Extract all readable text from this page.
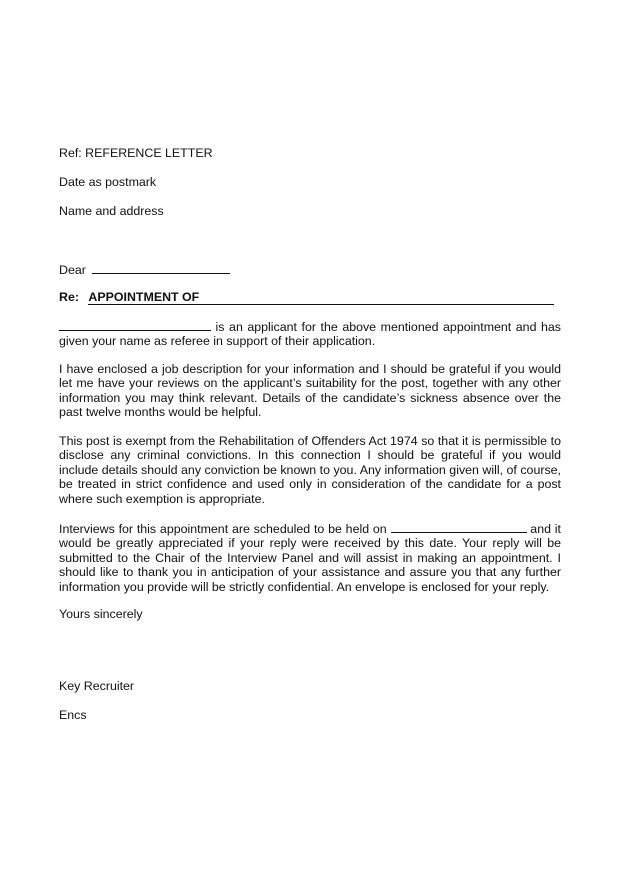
Ref: REFERENCE LETTER
Date as postmark
Name and address
Dear
Re: APPOINTMENT OF
is an applicant for the above mentioned appointment and has given your name as referee in support of their application.
I have enclosed a job description for your information and I should be grateful if you would let me have your reviews on the applicant’s suitability for the post, together with any other information you may think relevant. Details of the candidate’s sickness absence over the past twelve months would be helpful.
This post is exempt from the Rehabilitation of Offenders Act 1974 so that it is permissible to disclose any criminal convictions. In this connection I should be grateful if you would include details should any conviction be known to you. Any information given will, of course, be treated in strict confidence and used only in consideration of the candidate for a post where such exemption is appropriate.
Interviews for this appointment are scheduled to be held on	and it would be greatly appreciated if your reply were received by this date. Your reply will be submitted to the Chair of the Interview Panel and will assist in making an appointment. I should like to thank you in anticipation of your assistance and assure you that any further information you provide will be strictly confidential. An envelope is enclosed for your reply.
Yours sincerely
Key Recruiter
Encs
